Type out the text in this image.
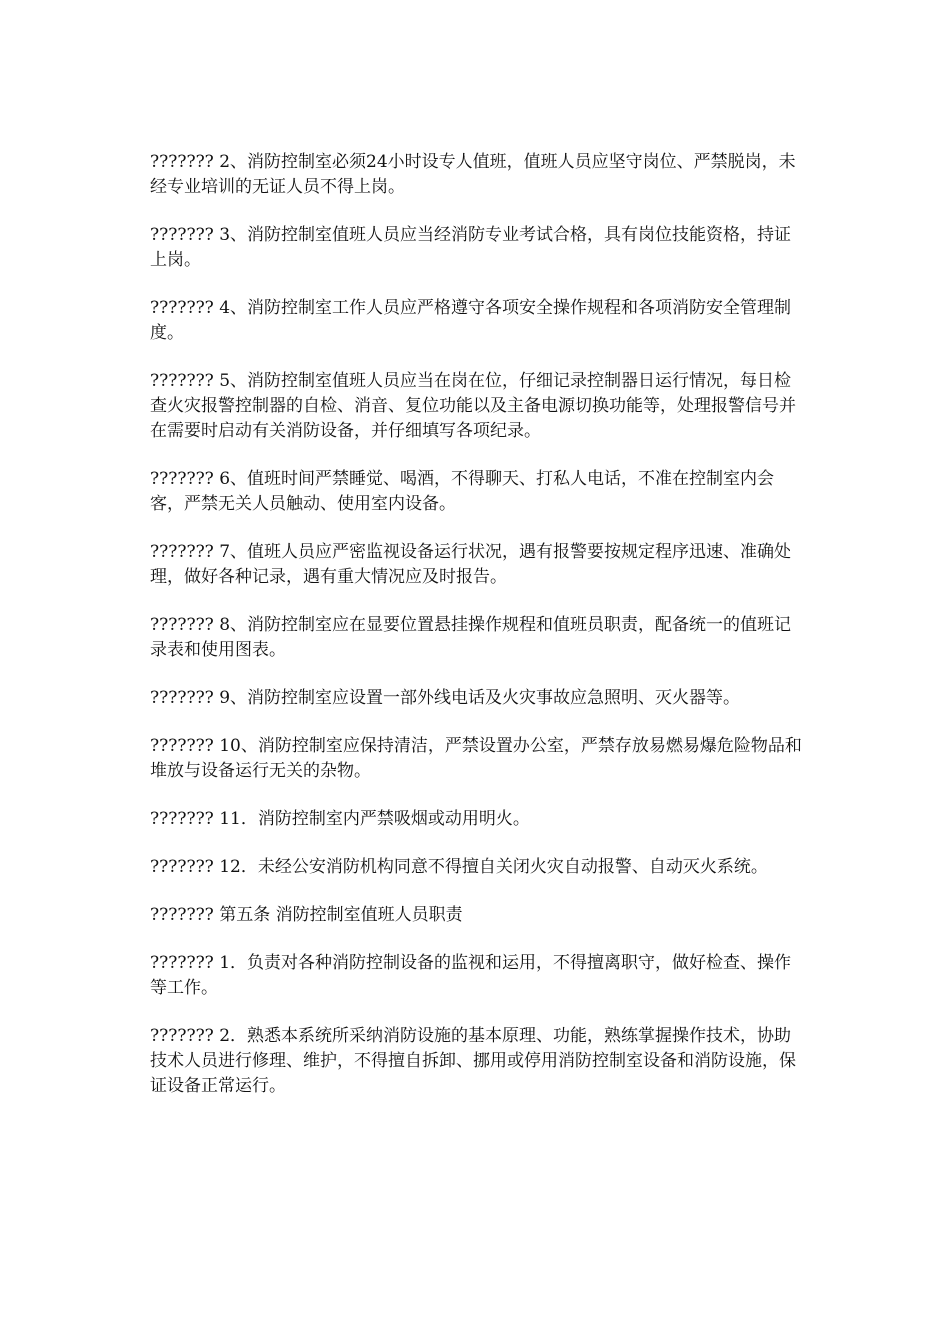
??????? 2、消防控制室必须24小时设专人值班，值班人员应坚守岗位、严禁脱岗，未经专业培训的无证人员不得上岗。

??????? 3、消防控制室值班人员应当经消防专业考试合格，具有岗位技能资格，持证上岗。

??????? 4、消防控制室工作人员应严格遵守各项安全操作规程和各项消防安全管理制度。

??????? 5、消防控制室值班人员应当在岗在位，仔细记录控制器日运行情况，每日检查火灾报警控制器的自检、消音、复位功能以及主备电源切换功能等，处理报警信号并在需要时启动有关消防设备，并仔细填写各项纪录。

??????? 6、值班时间严禁睡觉、喝酒，不得聊天、打私人电话，不准在控制室内会客，严禁无关人员触动、使用室内设备。

??????? 7、值班人员应严密监视设备运行状况，遇有报警要按规定程序迅速、准确处理，做好各种记录，遇有重大情况应及时报告。

??????? 8、消防控制室应在显要位置悬挂操作规程和值班员职责，配备统一的值班记录表和使用图表。

??????? 9、消防控制室应设置一部外线电话及火灾事故应急照明、灭火器等。

??????? 10、消防控制室应保持清洁，严禁设置办公室，严禁存放易燃易爆危险物品和堆放与设备运行无关的杂物。

??????? 11．消防控制室内严禁吸烟或动用明火。

??????? 12．未经公安消防机构同意不得擅自关闭火灾自动报警、自动灭火系统。

??????? 第五条 消防控制室值班人员职责

??????? 1．负责对各种消防控制设备的监视和运用，不得擅离职守，做好检查、操作等工作。

??????? 2．熟悉本系统所采纳消防设施的基本原理、功能，熟练掌握操作技术，协助技术人员进行修理、维护，不得擅自拆卸、挪用或停用消防控制室设备和消防设施，保证设备正常运行。
